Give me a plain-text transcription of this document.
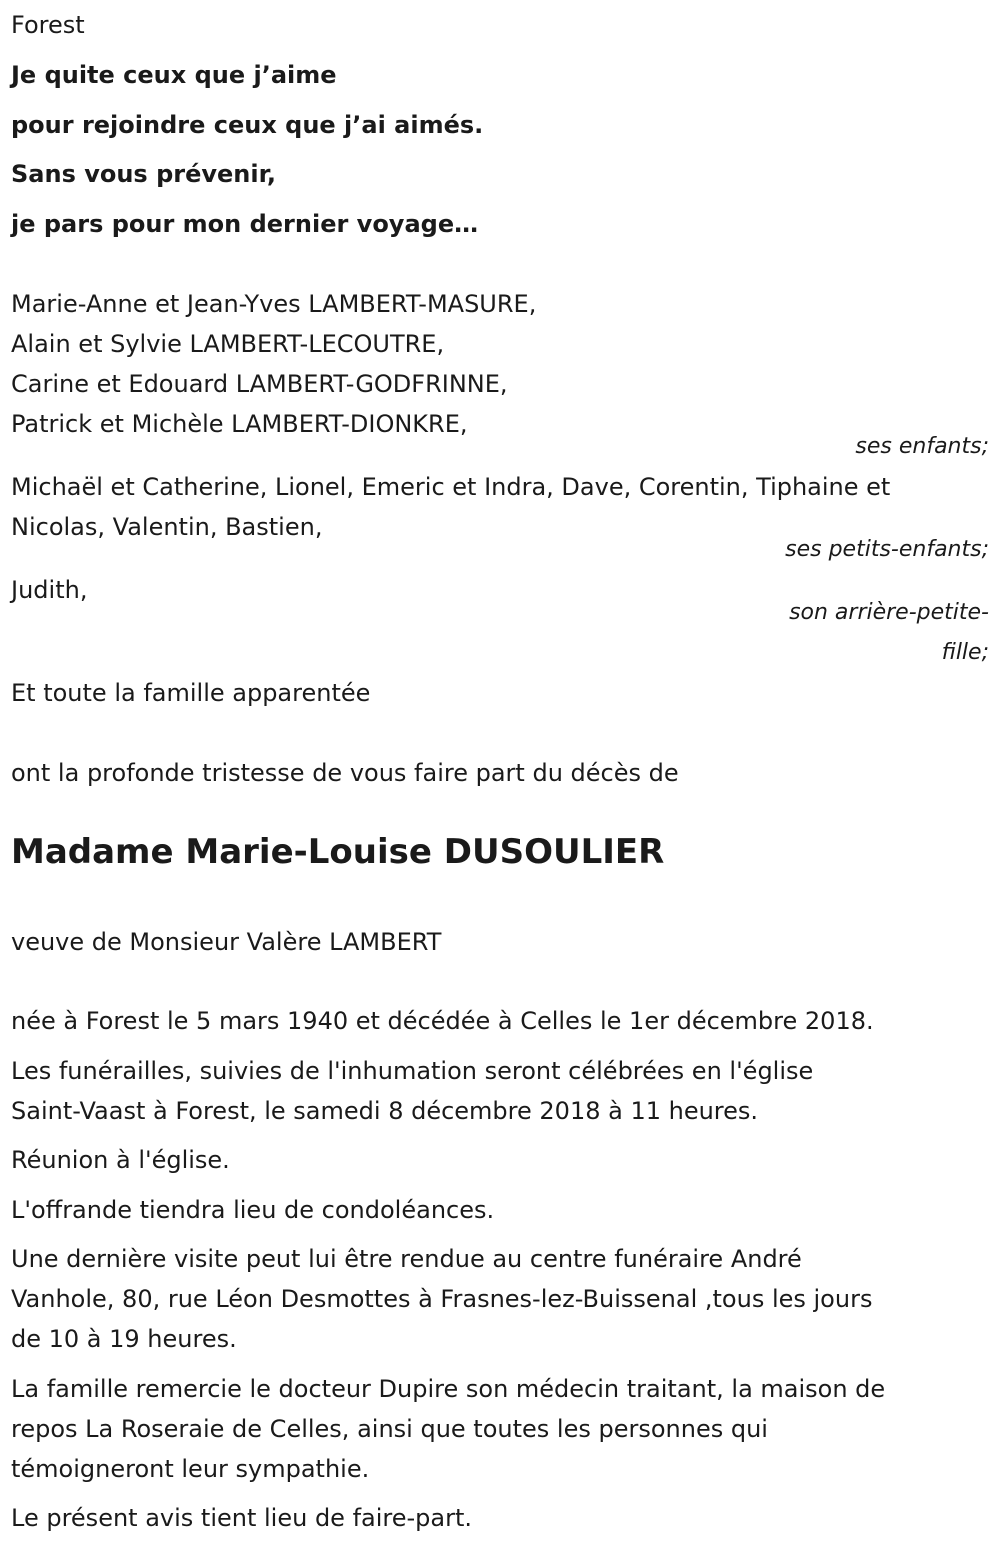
Forest
Je quite ceux que j’aime
pour rejoindre ceux que j’ai aimés.
Sans vous prévenir,
je pars pour mon dernier voyage…
Marie-Anne et Jean-Yves LAMBERT-MASURE,
Alain et Sylvie LAMBERT-LECOUTRE,
Carine et Edouard LAMBERT-GODFRINNE,
Patrick et Michèle LAMBERT-DIONKRE,
ses enfants;
Michaël et Catherine, Lionel, Emeric et Indra, Dave, Corentin, Tiphaine et
Nicolas, Valentin, Bastien,
ses petits-enfants;
Judith,
son arrière-petite-
fille;
Et toute la famille apparentée
ont la profonde tristesse de vous faire part du décès de
Madame Marie-Louise DUSOULIER
veuve de Monsieur Valère LAMBERT
née à Forest le 5 mars 1940 et décédée à Celles le 1er décembre 2018.
Les funérailles, suivies de l'inhumation seront célébrées en l'église
Saint-Vaast à Forest, le samedi 8 décembre 2018 à 11 heures.
Réunion à l'église.
L'offrande tiendra lieu de condoléances.
Une dernière visite peut lui être rendue au centre funéraire André
Vanhole, 80, rue Léon Desmottes à Frasnes-lez-Buissenal ,tous les jours
de 10 à 19 heures.
La famille remercie le docteur Dupire son médecin traitant, la maison de
repos La Roseraie de Celles, ainsi que toutes les personnes qui
témoigneront leur sympathie.
Le présent avis tient lieu de faire-part.
